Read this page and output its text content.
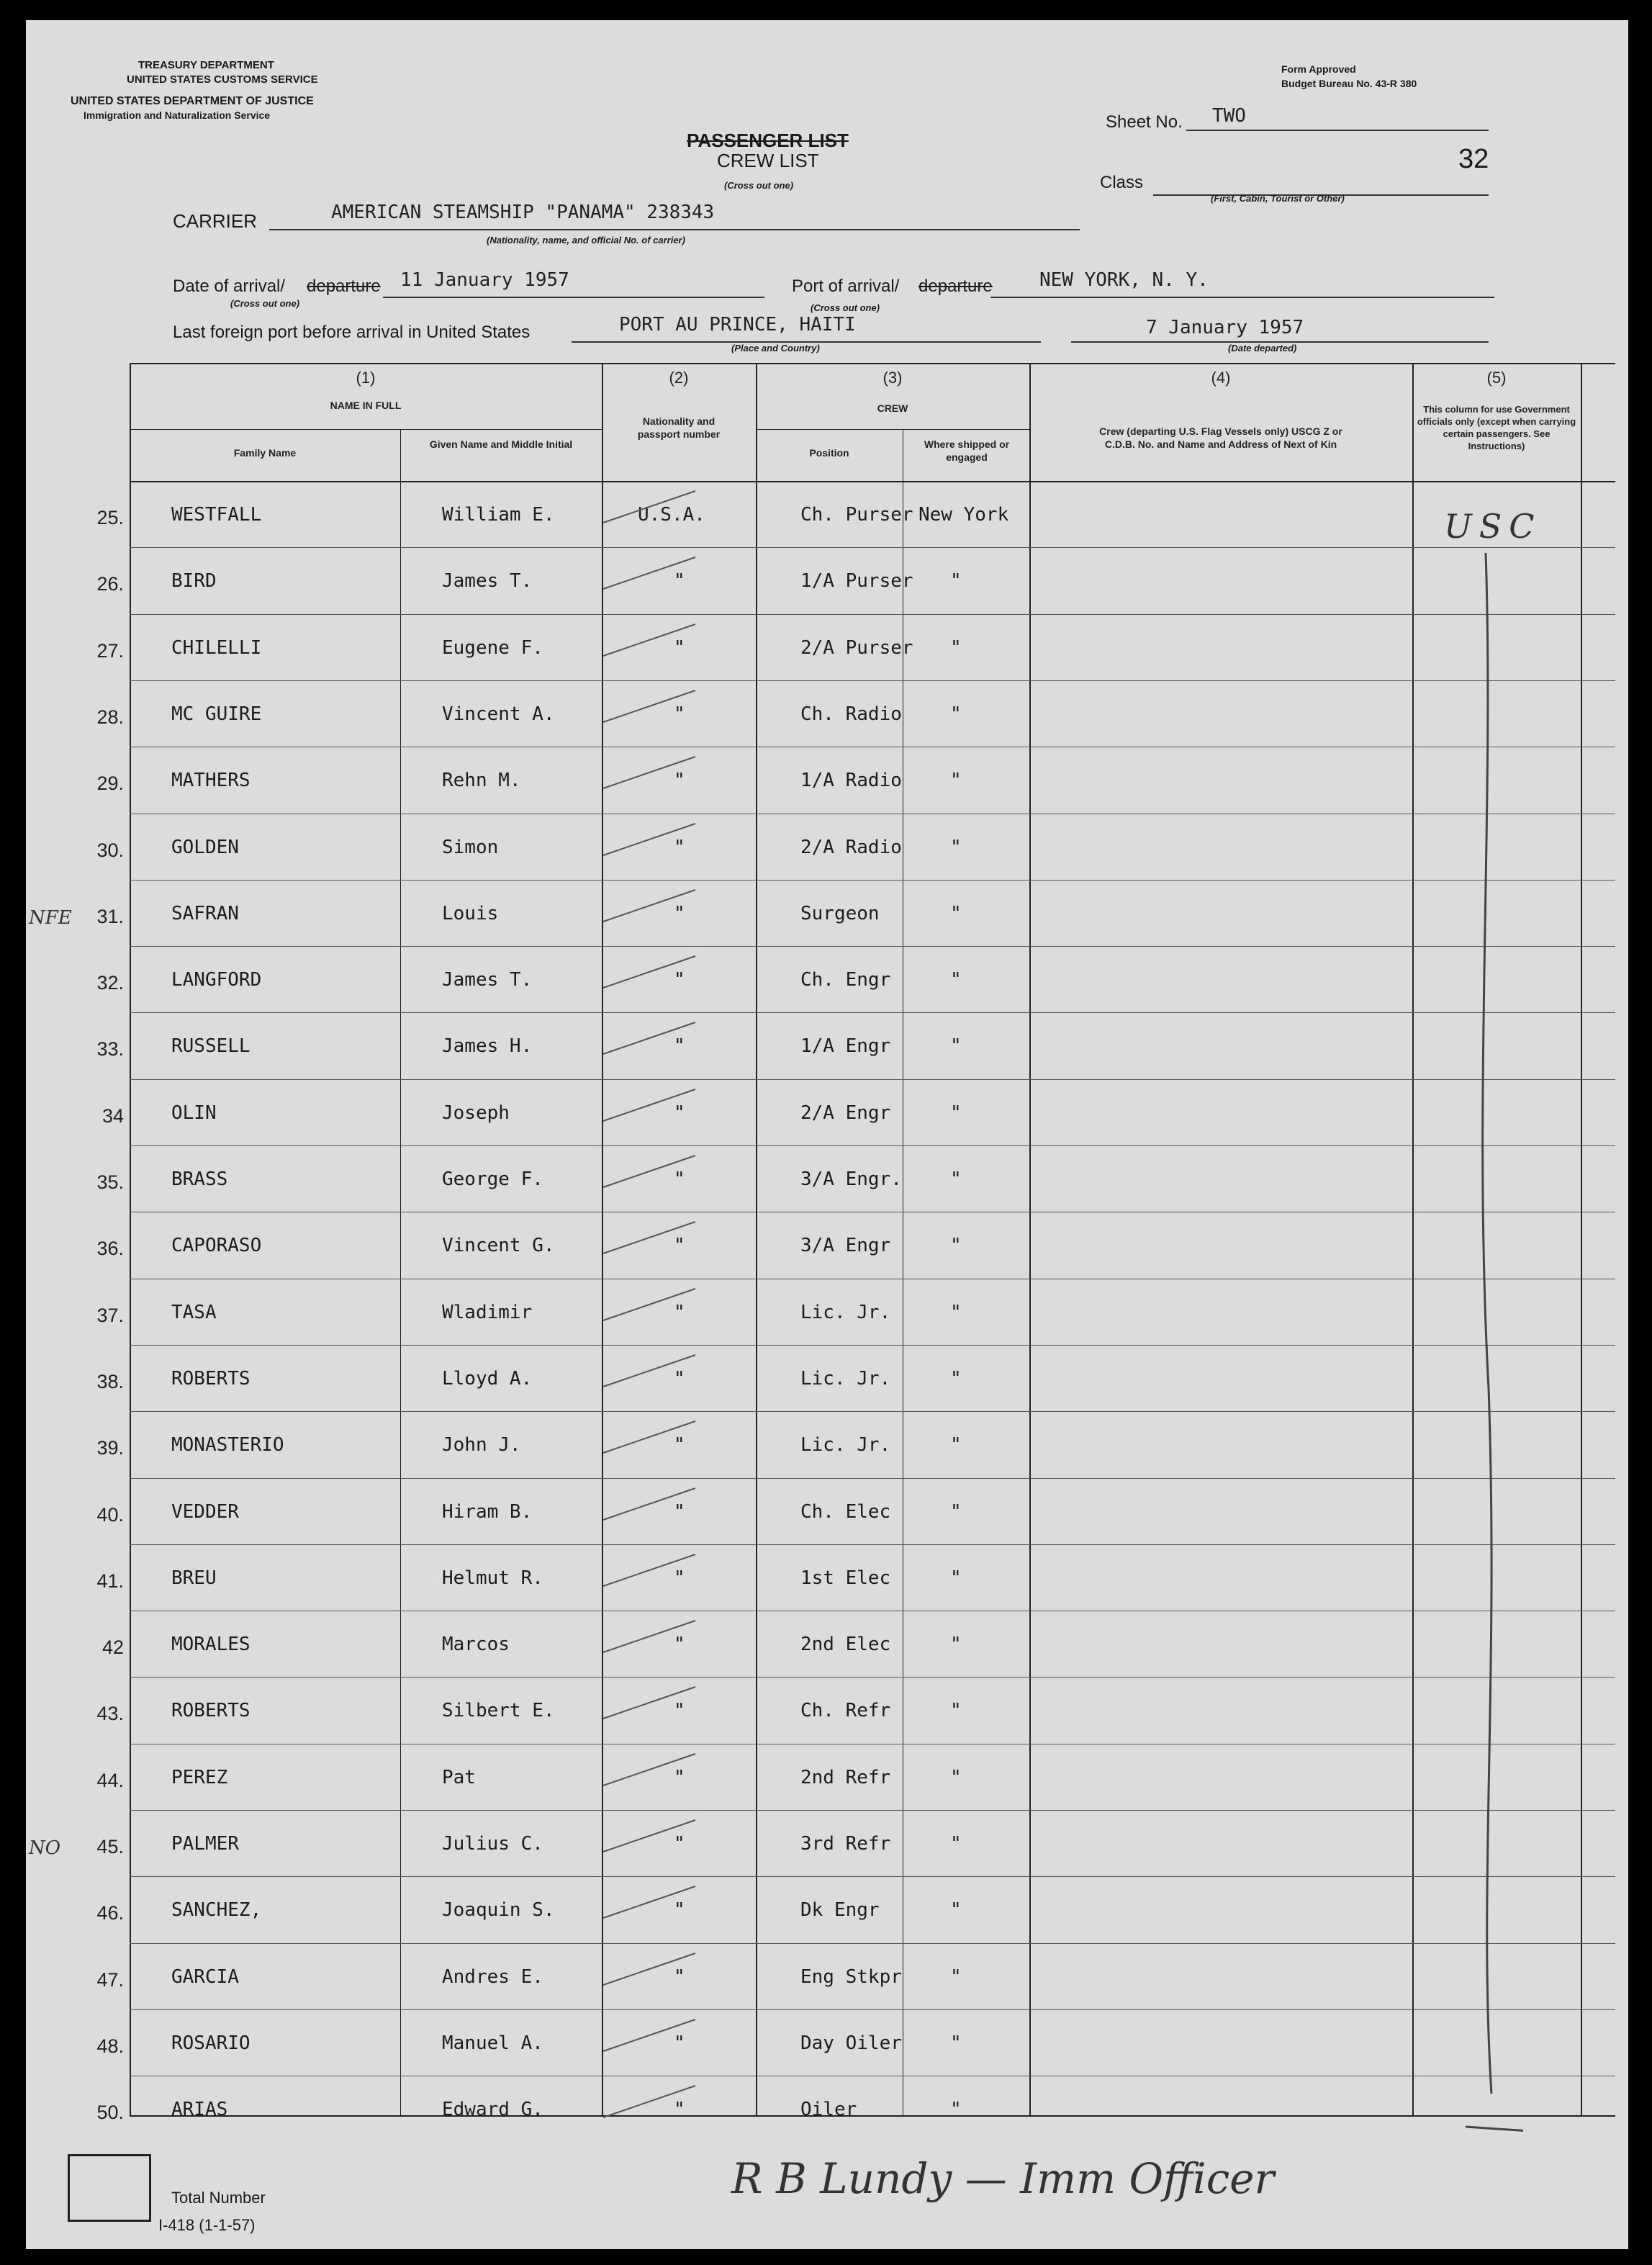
TREASURY DEPARTMENT
UNITED STATES CUSTOMS SERVICE
UNITED STATES DEPARTMENT OF JUSTICE
Immigration and Naturalization Service
Form Approved
Budget Bureau No. 43-R 380
Sheet No. TWO
32
PASSENGER LIST
CREW LIST
(Cross out one)	Class
(First, Cabin, Tourist or Other)
CARRIER	AMERICAN STEAMSHIP "PANAMA" 238343
(Nationality, name, and official No. of carrier)
Date of arrival/ departure 11 January 1957
(Cross out one)
Port of arrival/ departure	NEW YORK, N. Y.
(Cross out one)
Last foreign port before arrival in United States	PORT AU PRINCE, HAITI
(Place and Country)
7 January 1957
(Date departed)
(1)
NAME IN FULL
Family Name
Given Name and Middle Initial
(2)
Nationality and passport number
(3)
CREW
Position
Where shipped or engaged
(4)
Crew (departing U.S. Flag Vessels only) USCG Z or C.D.B. No. and Name and Address of Next of Kin
(5)
This column for use Government officials only (except when carrying certain passengers. See Instructions)
25.	WESTFALL	William E.	U.S.A.	Ch. Purser New York
26.	BIRD	James T.	"	1/A Purser "
27.	CHILELLI	Eugene F.	"	2/A Purser "
28.	MC GUIRE	Vincent A.	"	Ch. Radio	"
29.	MATHERS	Rehn M.	"	1/A Radio	"
30.	GOLDEN	Simon	"	2/A Radio	"
31.
NFE	SAFRAN	Louis	"	Surgeon	"
32.	LANGFORD	James T.	"	Ch. Engr	"
33.	RUSSELL	James H.	"	1/A Engr	"
34	OLIN	Joseph	"	2/A Engr	"
35.	BRASS	George F.	"	3/A Engr.	"
36.	CAPORASO	Vincent G.	"	3/A Engr	"
37.	TASA	Wladimir	"	Lic. Jr.	"
38.	ROBERTS	Lloyd A.	"	Lic. Jr.	"
39.	MONASTERIO	John J.	"	Lic. Jr.	"
40.	VEDDER	Hiram B.	"	Ch. Elec	"
41.	BREU	Helmut R.	"	1st Elec	"
42	MORALES	Marcos	"	2nd Elec	"
43.	ROBERTS	Silbert E.	"	Ch. Refr	"
44.	PEREZ	Pat	"	2nd Refr	"
45.
NO	PALMER	Julius C.	"	3rd Refr	"
46.	SANCHEZ,	Joaquin S.	"	Dk Engr	"
47.	GARCIA	Andres E.	"	Eng Stkpr	"
48.	ROSARIO	Manuel A.	"	Day Oiler	"
50.	ARIAS	Edward G.	"	Oiler	"
USC
Total Number
I-418 (1-1-57)
R B Lundy — Imm Officer
